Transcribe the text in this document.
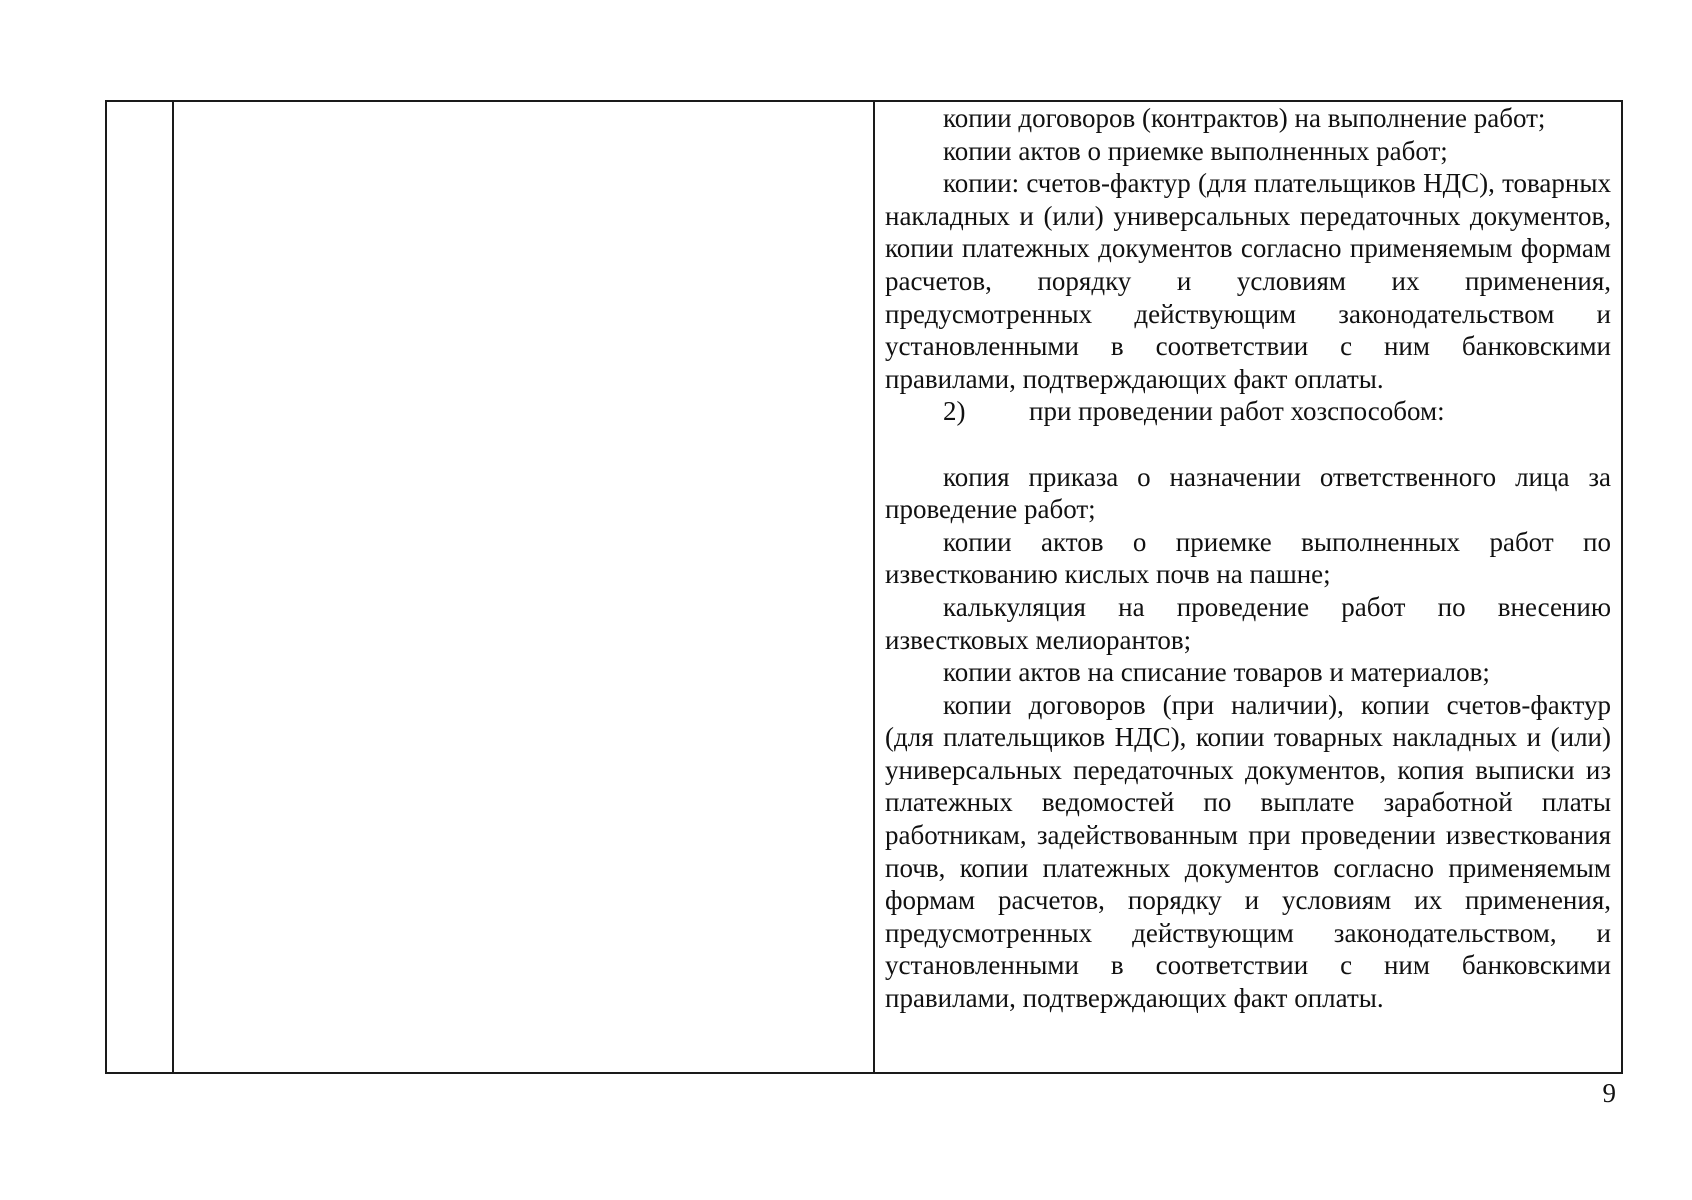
копии договоров (контрактов) на выполнение работ;

копии актов о приемке выполненных работ;

копии: счетов-фактур (для плательщиков НДС), товарных накладных и (или) универсальных передаточных документов, копии платежных документов согласно применяемым формам расчетов, порядку и условиям их применения, предусмотренных действующим законодательством и установленными в соответствии с ним банковскими правилами, подтверждающих факт оплаты.

2)	при проведении работ хозспособом:

копия приказа о назначении ответственного лица за проведение работ;

копии актов о приемке выполненных работ по известкованию кислых почв на пашне;

калькуляция на проведение работ по внесению известковых мелиорантов;

копии актов на списание товаров и материалов;

копии договоров (при наличии), копии счетов-фактур (для плательщиков НДС), копии товарных накладных и (или) универсальных передаточных документов, копия выписки из платежных ведомостей по выплате заработной платы работникам, задействованным при проведении известкования почв, копии платежных документов согласно применяемым формам расчетов, порядку и условиям их применения, предусмотренных действующим законодательством, и установленными в соответствии с ним банковскими правилами, подтверждающих факт оплаты.

9
